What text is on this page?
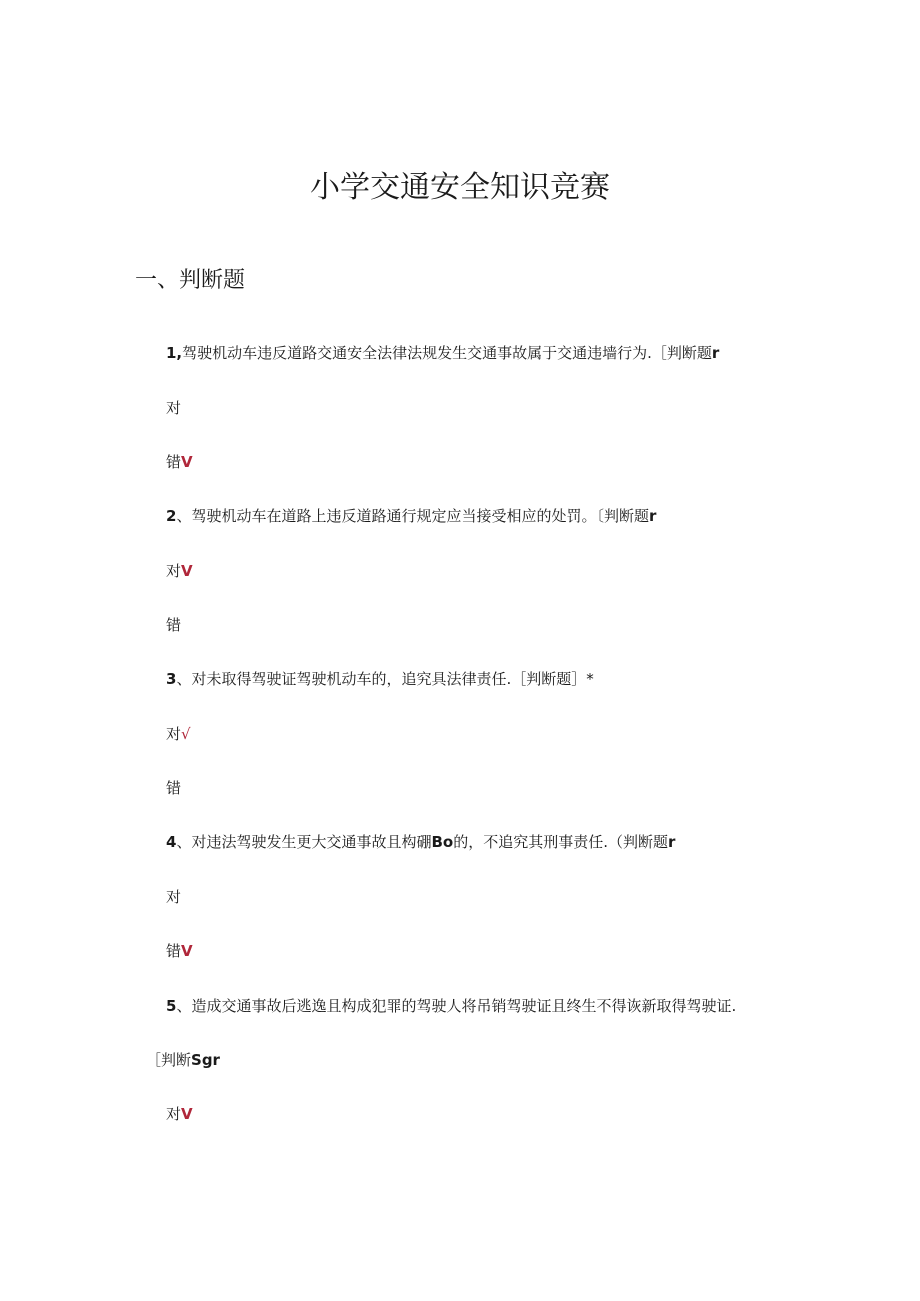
小学交通安全知识竞赛
一、判断题
1,驾驶机动车违反道路交通安全法律法规发生交通事故属于交通违墙行为.［判断题r
对
错V
2、驾驶机动车在道路上违反道路通行规定应当接受相应的处罚。〔判断题r
对V
错
3、对未取得驾驶证驾驶机动车的，追究具法律责任.［判断题］*
对√
错
4、对违法驾驶发生更大交通事故且构硼Bo的，不追究其刑事责任.（判断题r
对
错V
5、造成交通事故后逃逸且构成犯罪的驾驶人将吊销驾驶证且终生不得诙新取得驾驶证.
［判断Sgr
对V
